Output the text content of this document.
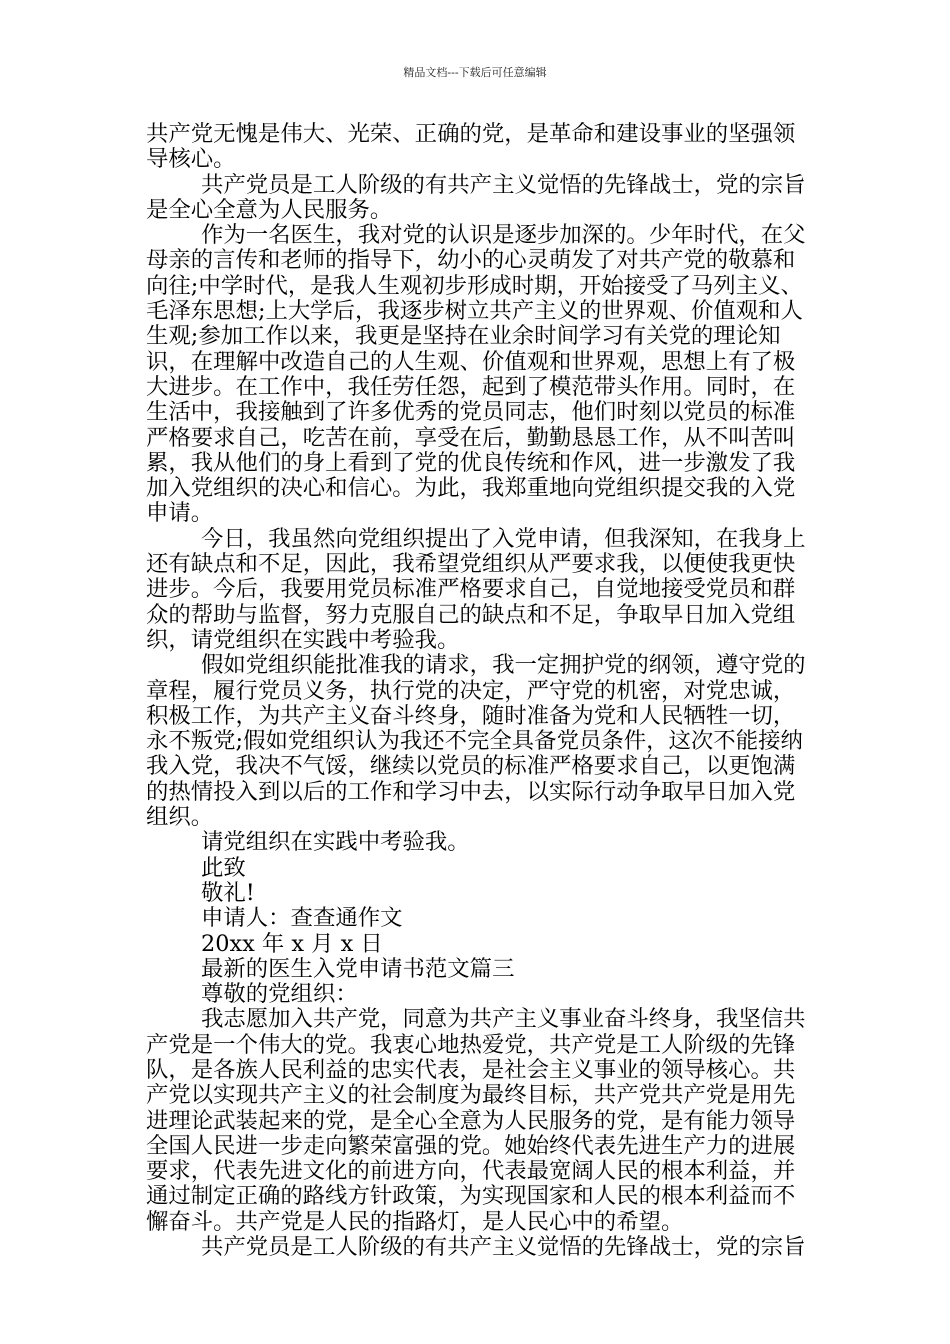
精品文档---下载后可任意编辑

共产党无愧是伟大、光荣、正确的党，是革命和建设事业的坚强领导核心。

共产党员是工人阶级的有共产主义觉悟的先锋战士，党的宗旨是全心全意为人民服务。

作为一名医生，我对党的认识是逐步加深的。少年时代，在父母亲的言传和老师的指导下，幼小的心灵萌发了对共产党的敬慕和向往;中学时代，是我人生观初步形成时期，开始接受了马列主义、毛泽东思想;上大学后，我逐步树立共产主义的世界观、价值观和人生观;参加工作以来，我更是坚持在业余时间学习有关党的理论知识，在理解中改造自己的人生观、价值观和世界观，思想上有了极大进步。在工作中，我任劳任怨，起到了模范带头作用。同时，在生活中，我接触到了许多优秀的党员同志，他们时刻以党员的标准严格要求自己，吃苦在前，享受在后，勤勤恳恳工作，从不叫苦叫累，我从他们的身上看到了党的优良传统和作风，进一步激发了我加入党组织的决心和信心。为此，我郑重地向党组织提交我的入党申请。

今日，我虽然向党组织提出了入党申请，但我深知，在我身上还有缺点和不足，因此，我希望党组织从严要求我，以便使我更快进步。今后，我要用党员标准严格要求自己，自觉地接受党员和群众的帮助与监督，努力克服自己的缺点和不足，争取早日加入党组织，请党组织在实践中考验我。

假如党组织能批准我的请求，我一定拥护党的纲领，遵守党的章程，履行党员义务，执行党的决定，严守党的机密，对党忠诚，积极工作，为共产主义奋斗终身，随时准备为党和人民牺牲一切，永不叛党;假如党组织认为我还不完全具备党员条件，这次不能接纳我入党，我决不气馁，继续以党员的标准严格要求自己，以更饱满的热情投入到以后的工作和学习中去，以实际行动争取早日加入党组织。

请党组织在实践中考验我。

此致

敬礼!

申请人：查查通作文

20xx 年 x 月 x 日

最新的医生入党申请书范文篇三

尊敬的党组织：

我志愿加入共产党，同意为共产主义事业奋斗终身，我坚信共产党是一个伟大的党。我衷心地热爱党，共产党是工人阶级的先锋队，是各族人民利益的忠实代表，是社会主义事业的领导核心。共产党以实现共产主义的社会制度为最终目标，共产党共产党是用先进理论武装起来的党，是全心全意为人民服务的党，是有能力领导全国人民进一步走向繁荣富强的党。她始终代表先进生产力的进展要求，代表先进文化的前进方向，代表最宽阔人民的根本利益，并通过制定正确的路线方针政策，为实现国家和人民的根本利益而不懈奋斗。共产党是人民的指路灯，是人民心中的希望。

共产党员是工人阶级的有共产主义觉悟的先锋战士，党的宗旨
